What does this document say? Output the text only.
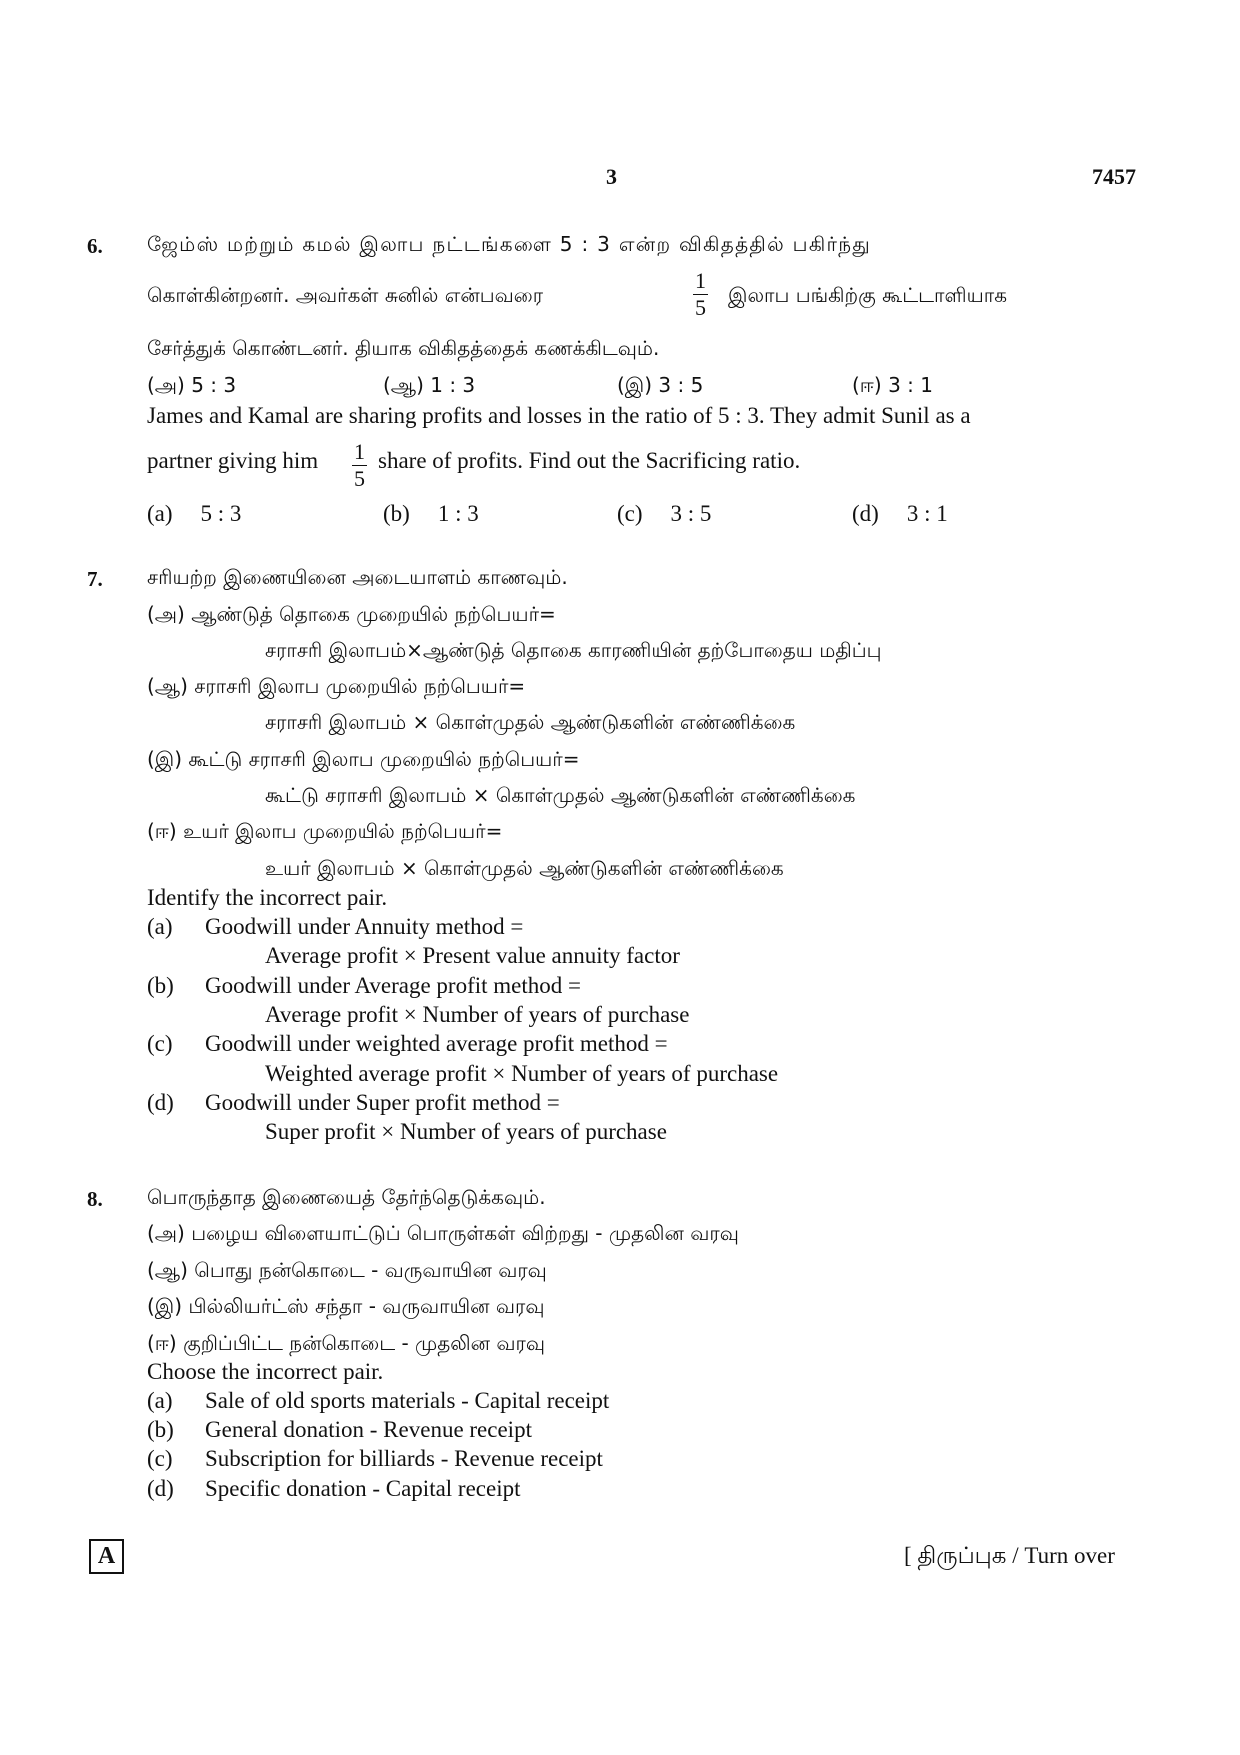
3	7457
6. ஜேம்ஸ் மற்றும் கமல் இலாப நட்டங்களை 5 : 3 என்ற விகிதத்தில் பகிர்ந்து
கொள்கின்றனர். அவர்கள் சுனில் என்பவரை
1
5 இலாப பங்கிற்கு கூட்டாளியாக
சேர்த்துக் கொண்டனர். தியாக விகிதத்தைக் கணக்கிடவும்.
(அ) 5 : 3	(ஆ) 1 : 3	(இ) 3 : 5	(ஈ) 3 : 1
James and Kamal are sharing profits and losses in the ratio of 5 : 3. They admit Sunil as a
partner giving him 1
5
share of profits. Find out the Sacrificing ratio.
(a) 5 : 3	(b) 1 : 3	(c) 3 : 5	(d) 3 : 1
7. சரியற்ற இணையினை அடையாளம் காணவும்.
(அ) ஆண்டுத் தொகை முறையில் நற்பெயர்=
சராசரி இலாபம்×ஆண்டுத் தொகை காரணியின் தற்போதைய மதிப்பு
(ஆ) சராசரி இலாப முறையில் நற்பெயர்=
சராசரி இலாபம் × கொள்முதல் ஆண்டுகளின் எண்ணிக்கை
(இ) கூட்டு சராசரி இலாப முறையில் நற்பெயர்=
கூட்டு சராசரி இலாபம் × கொள்முதல் ஆண்டுகளின் எண்ணிக்கை
(ஈ) உயர் இலாப முறையில் நற்பெயர்=
உயர் இலாபம் × கொள்முதல் ஆண்டுகளின் எண்ணிக்கை
Identify the incorrect pair.
(a) Goodwill under Annuity method =
Average profit × Present value annuity factor
(b) Goodwill under Average profit method =
Average profit × Number of years of purchase
(c) Goodwill under weighted average profit method =
Weighted average profit × Number of years of purchase
(d) Goodwill under Super profit method =
Super profit × Number of years of purchase
8. பொருந்தாத இணையைத் தேர்ந்தெடுக்கவும்.
(அ) பழைய விளையாட்டுப் பொருள்கள் விற்றது - முதலின வரவு
(ஆ) பொது நன்கொடை - வருவாயின வரவு
(இ) பில்லியர்ட்ஸ் சந்தா - வருவாயின வரவு
(ஈ) குறிப்பிட்ட நன்கொடை - முதலின வரவு
Choose the incorrect pair.
(a) Sale of old sports materials - Capital receipt
(b) General donation - Revenue receipt
(c) Subscription for billiards - Revenue receipt
(d) Specific donation - Capital receipt
A	[ திருப்புக / Turn over
